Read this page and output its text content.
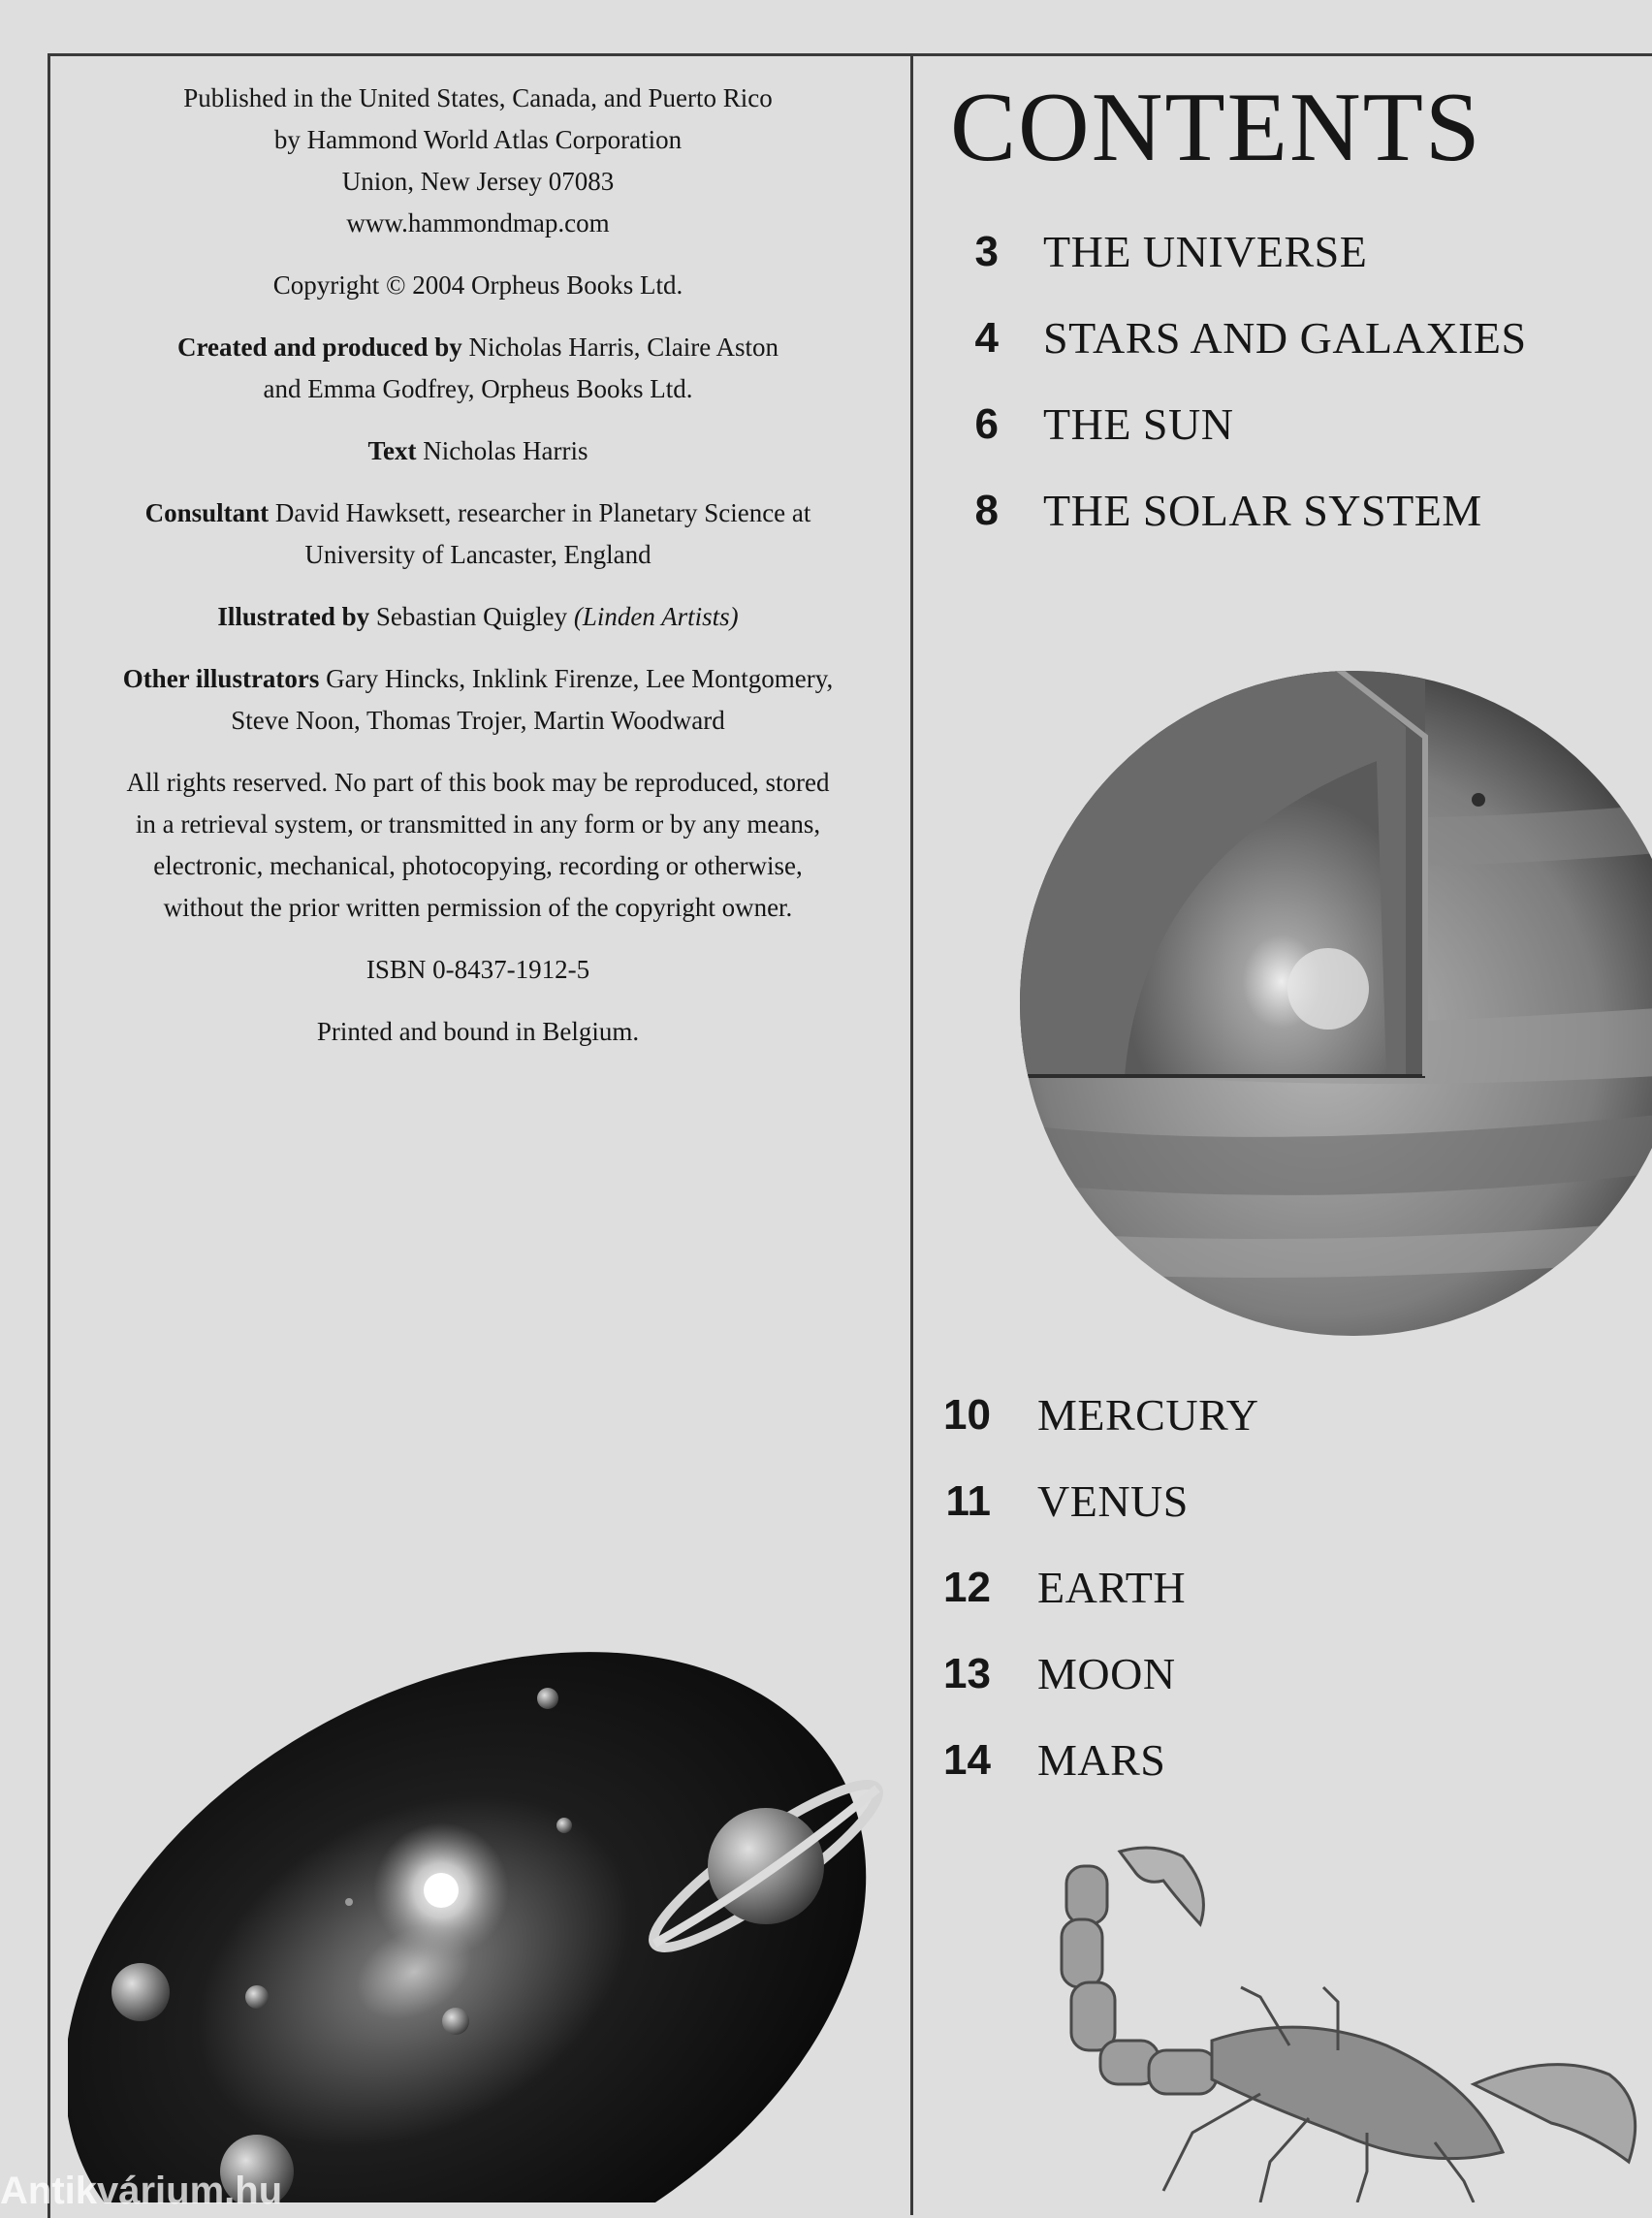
Published in the United States, Canada, and Puerto Rico
by Hammond World Atlas Corporation
Union, New Jersey 07083
www.hammondmap.com

Copyright © 2004 Orpheus Books Ltd.

Created and produced by Nicholas Harris, Claire Aston
and Emma Godfrey, Orpheus Books Ltd.

Text Nicholas Harris

Consultant David Hawksett, researcher in Planetary Science at
University of Lancaster, England

Illustrated by Sebastian Quigley (Linden Artists)

Other illustrators Gary Hincks, Inklink Firenze, Lee Montgomery,
Steve Noon, Thomas Trojer, Martin Woodward

All rights reserved. No part of this book may be reproduced, stored
in a retrieval system, or transmitted in any form or by any means,
electronic, mechanical, photocopying, recording or otherwise,
without the prior written permission of the copyright owner.

ISBN 0-8437-1912-5

Printed and bound in Belgium.

CONTENTS
3 THE UNIVERSE
4 STARS AND GALAXIES
6 THE SUN
8 THE SOLAR SYSTEM
10 MERCURY
11 VENUS
12 EARTH
13 MOON
14 MARS
Antikvárium.hu
